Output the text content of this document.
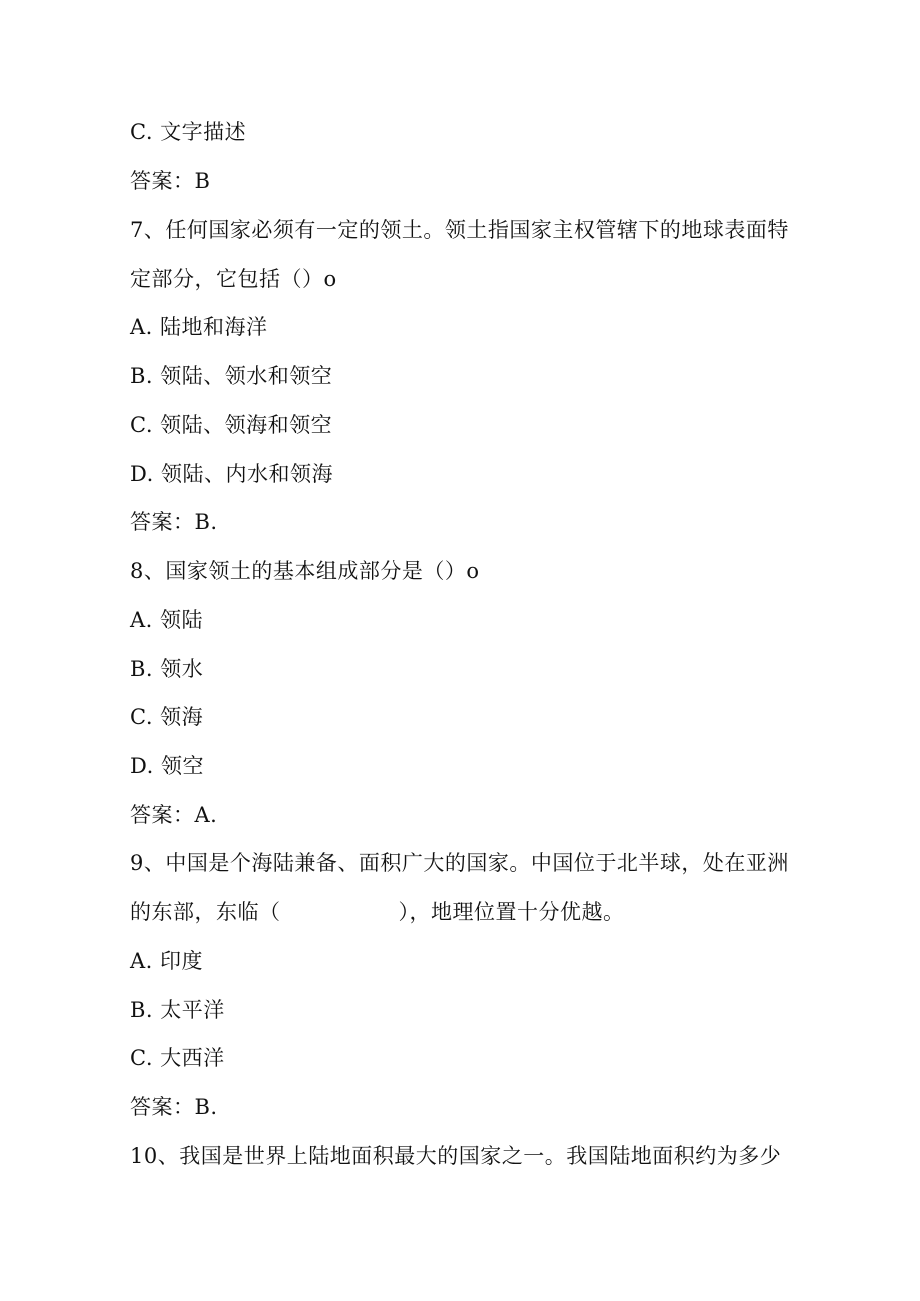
C. 文字描述
答案：B
7、任何国家必须有一定的领土。领土指国家主权管辖下的地球表面特
定部分，它包括（）o
A. 陆地和海洋
B. 领陆、领水和领空
C. 领陆、领海和领空
D. 领陆、内水和领海
答案：B.
8、国家领土的基本组成部分是（）o
A. 领陆
B. 领水
C. 领海
D. 领空
答案：A.
9、中国是个海陆兼备、面积广大的国家。中国位于北半球，处在亚洲
的东部，东临（	），地理位置十分优越。
A. 印度
B. 太平洋
C. 大西洋
答案：B.
10、我国是世界上陆地面积最大的国家之一。我国陆地面积约为多少
